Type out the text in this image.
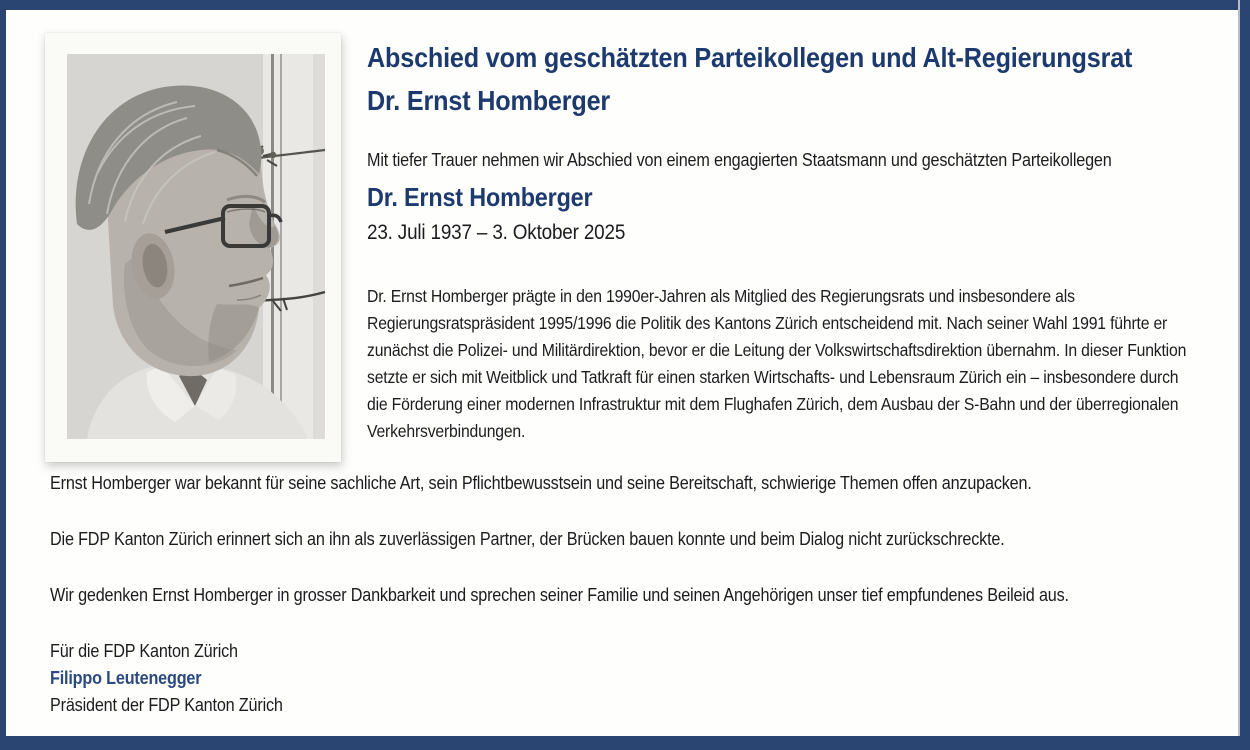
Abschied vom geschätzten Parteikollegen und Alt-Regierungsrat
Dr. Ernst Homberger

Mit tiefer Trauer nehmen wir Abschied von einem engagierten Staatsmann und geschätzten Parteikollegen

Dr. Ernst Homberger

23. Juli 1937 – 3. Oktober 2025

Dr. Ernst Homberger prägte in den 1990er-Jahren als Mitglied des Regierungsrats und insbesondere als Regierungsratspräsident 1995/1996 die Politik des Kantons Zürich entscheidend mit. Nach seiner Wahl 1991 führte er zunächst die Polizei- und Militärdirektion, bevor er die Leitung der Volkswirtschaftsdirektion übernahm. In dieser Funktion setzte er sich mit Weitblick und Tatkraft für einen starken Wirtschafts- und Lebensraum Zürich ein – insbesondere durch die Förderung einer modernen Infrastruktur mit dem Flughafen Zürich, dem Ausbau der S-Bahn und der überregionalen Verkehrsverbindungen.

Ernst Homberger war bekannt für seine sachliche Art, sein Pflichtbewusstsein und seine Bereitschaft, schwierige Themen offen anzupacken.

Die FDP Kanton Zürich erinnert sich an ihn als zuverlässigen Partner, der Brücken bauen konnte und beim Dialog nicht zurückschreckte.

Wir gedenken Ernst Homberger in grosser Dankbarkeit und sprechen seiner Familie und seinen Angehörigen unser tief empfundenes Beileid aus.

Für die FDP Kanton Zürich

Filippo Leutenegger

Präsident der FDP Kanton Zürich
